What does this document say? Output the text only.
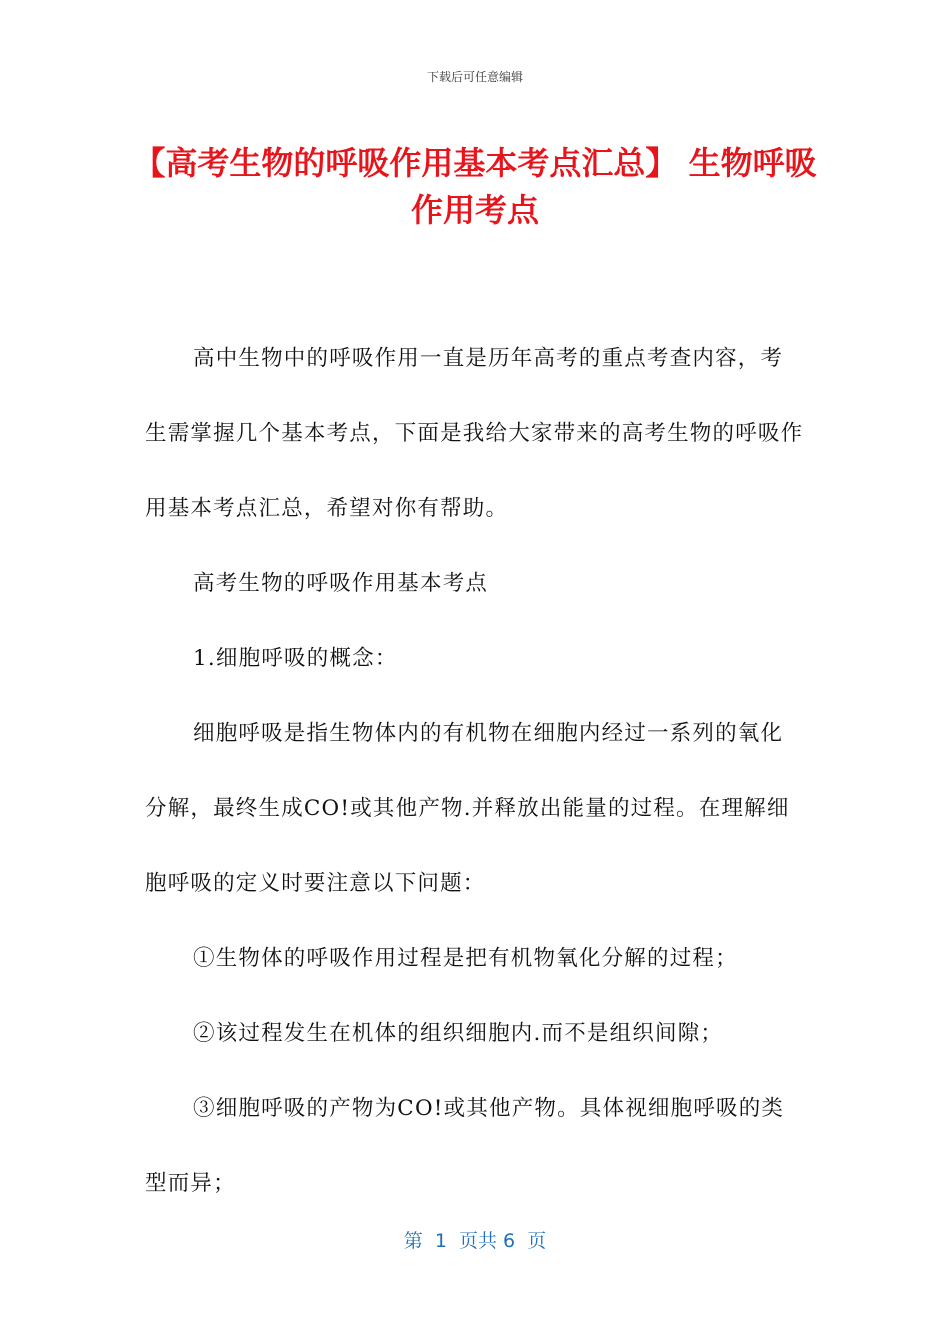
下载后可任意编辑
【高考生物的呼吸作用基本考点汇总】 生物呼吸作用考点

高中生物中的呼吸作用一直是历年高考的重点考查内容，考生需掌握几个基本考点，下面是我给大家带来的高考生物的呼吸作用基本考点汇总，希望对你有帮助。

高考生物的呼吸作用基本考点

1.细胞呼吸的概念：

细胞呼吸是指生物体内的有机物在细胞内经过一系列的氧化分解，最终生成CO!或其他产物.并释放出能量的过程。在理解细胞呼吸的定义时要注意以下问题：

①生物体的呼吸作用过程是把有机物氧化分解的过程；

②该过程发生在机体的组织细胞内.而不是组织间隙；

③细胞呼吸的产物为CO!或其他产物。具体视细胞呼吸的类型而异；

第  1  页共 6  页
